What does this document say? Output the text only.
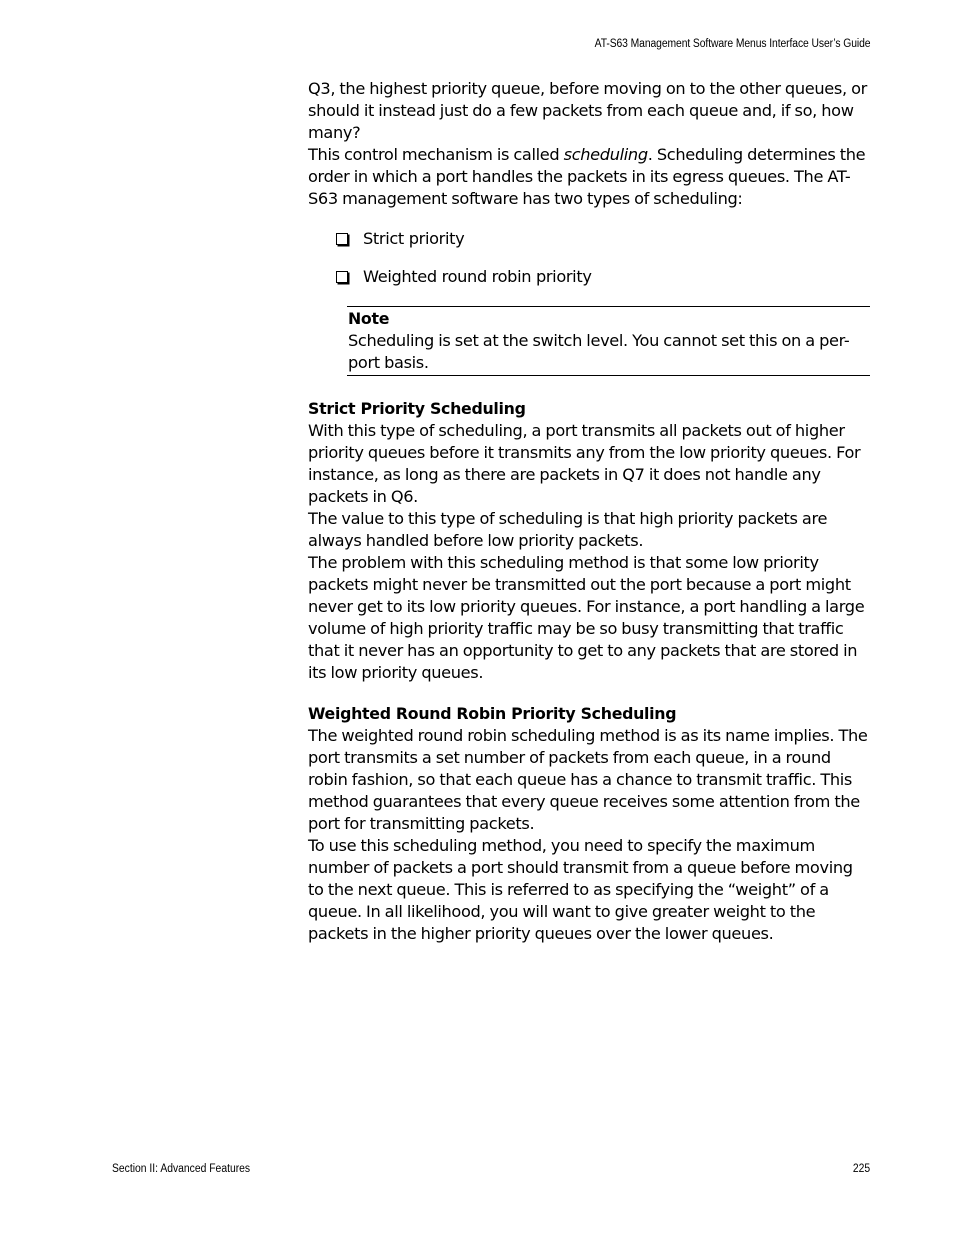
AT-S63 Management Software Menus Interface User’s Guide

Q3, the highest priority queue, before moving on to the other queues, or should it instead just do a few packets from each queue and, if so, how many?

This control mechanism is called scheduling. Scheduling determines the order in which a port handles the packets in its egress queues. The AT-S63 management software has two types of scheduling:

Strict priority
Weighted round robin priority
Note
Scheduling is set at the switch level. You cannot set this on a per-port basis.
Strict Priority Scheduling

With this type of scheduling, a port transmits all packets out of higher priority queues before it transmits any from the low priority queues. For instance, as long as there are packets in Q7 it does not handle any packets in Q6.

The value to this type of scheduling is that high priority packets are always handled before low priority packets.

The problem with this scheduling method is that some low priority packets might never be transmitted out the port because a port might never get to its low priority queues. For instance, a port handling a large volume of high priority traffic may be so busy transmitting that traffic that it never has an opportunity to get to any packets that are stored in its low priority queues.

Weighted Round Robin Priority Scheduling

The weighted round robin scheduling method is as its name implies. The port transmits a set number of packets from each queue, in a round robin fashion, so that each queue has a chance to transmit traffic. This method guarantees that every queue receives some attention from the port for transmitting packets.

To use this scheduling method, you need to specify the maximum number of packets a port should transmit from a queue before moving to the next queue. This is referred to as specifying the “weight” of a queue. In all likelihood, you will want to give greater weight to the packets in the higher priority queues over the lower queues.

Section II: Advanced Features	225
